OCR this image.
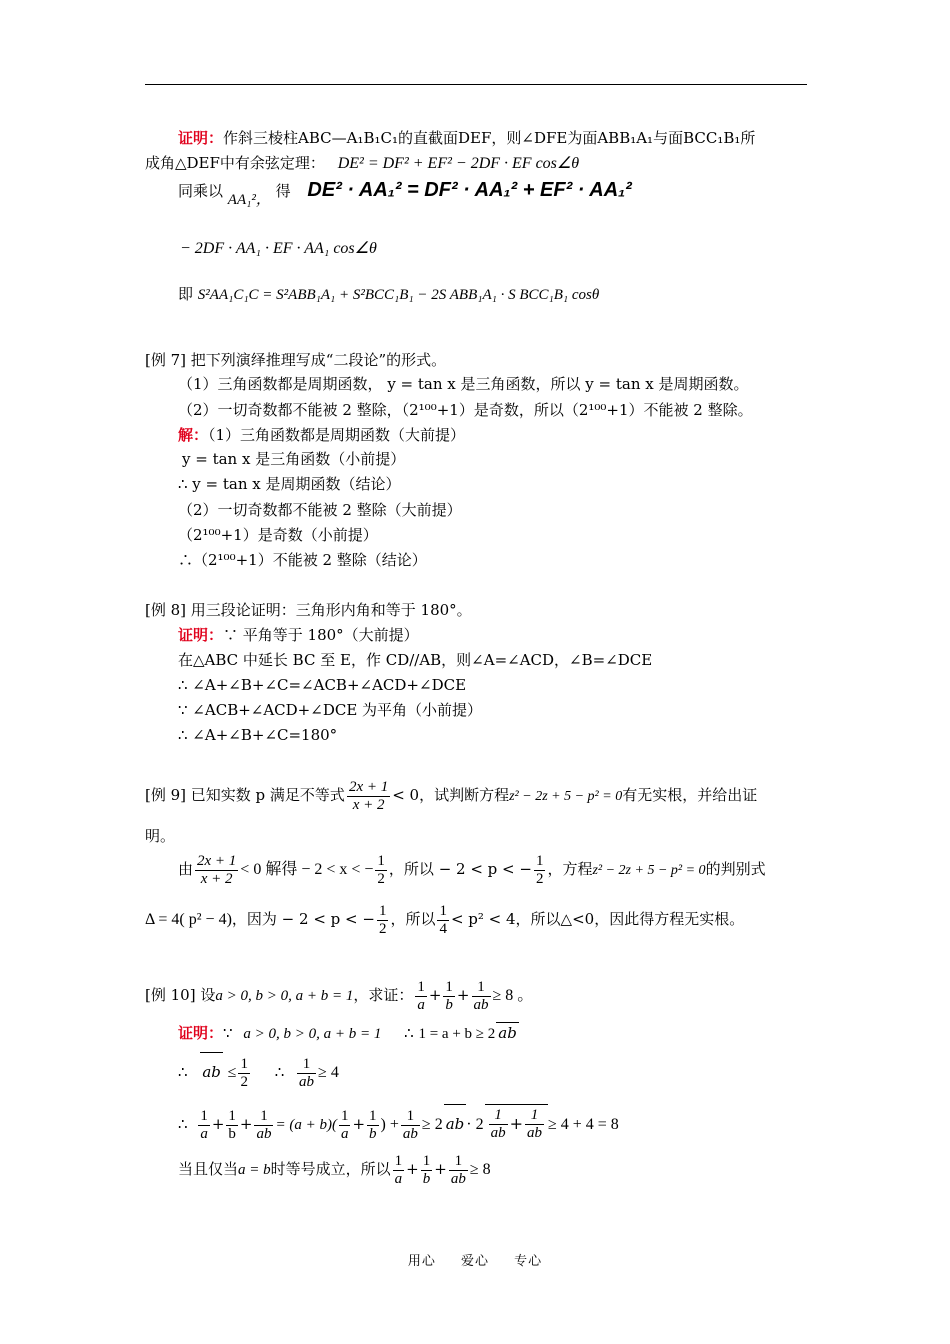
证明：作斜三棱柱ABC—A₁B₁C₁的直截面DEF，则∠DFE为面ABB₁A₁与面BCC₁B₁所
成角△DEF中有余弦定理： DE² = DF² + EF² − 2DF · EF cos∠θ
同乘以 AA₁²， 得 DE² · AA₁² = DF² · AA₁² + EF² · AA₁²
− 2DF · AA₁ · EF · AA₁ cos∠θ
即 S²AA₁C₁C = S²ABB₁A₁ + S²BCC₁B₁ − 2S ABB₁A₁ · S BCC₁B₁ cosθ
[例 7] 把下列演绎推理写成“二段论”的形式。
（1）三角函数都是周期函数， y = tan x 是三角函数，所以 y = tan x 是周期函数。
（2）一切奇数都不能被 2 整除，（2¹⁰⁰+1）是奇数，所以（2¹⁰⁰+1）不能被 2 整除。
解：（1）三角函数都是周期函数（大前提）
y = tan x 是三角函数（小前提）
∴ y = tan x 是周期函数（结论）
（2）一切奇数都不能被 2 整除（大前提）
（2¹⁰⁰+1）是奇数（小前提）
∴（2¹⁰⁰+1）不能被 2 整除（结论）
[例 8] 用三段论证明：三角形内角和等于 180°。
证明：∵ 平角等于 180°（大前提）
在△ABC 中延长 BC 至 E，作 CD//AB，则∠A=∠ACD，∠B=∠DCE
∴ ∠A+∠B+∠C=∠ACB+∠ACD+∠DCE
∵ ∠ACB+∠ACD+∠DCE 为平角（小前提）
∴ ∠A+∠B+∠C=180°
[例 9] 已知实数 p 满足不等式 $\frac{2x + 1}{x + 2} < 0$，试判断方程z² − 2z + 5 − p² = 0有无实根，并给出证
明。
由 $\frac{2x + 1}{x + 2} < 0$ 解得 − 2 < x < − $\frac{1}{2}$ ，所以 − 2 < p < − $\frac{1}{2}$ ，方程z² − 2z + 5 − p² = 0的判别式
Δ = 4( p² − 4)，因为 − 2 < p < − $\frac{1}{2}$ ，所以 $\frac{1}{4} < p^2 < 4$，所以△<0，因此得方程无实根。
[例 10] 设a > 0, b > 0, a + b = 1，求证： $\frac{1}{a} + \frac{1}{b} + \frac{1}{ab} \ge 8$ 。
证明：∵ a > 0, b > 0, a + b = 1 ∴ 1 = a + b ≥ 2 ab
∴ ab ≤ $\frac{1}{2}$ ∴ $\frac{1}{ab} \ge 4$
∴ $\frac{1}{a} + \frac{1}{b} + \frac{1}{ab} = (a + b)( \frac{1}{a} + \frac{1}{b}$ ) + $\frac{1}{ab} \ge 2$ ab · $2 \frac{1}{ab} + \frac{1}{ab} \ge 4 + 4 = 8$
当且仅当a = b时等号成立，所以 $\frac{1}{a} + \frac{1}{b} + \frac{1}{ab} \ge 8$
用心 爱心 专心
